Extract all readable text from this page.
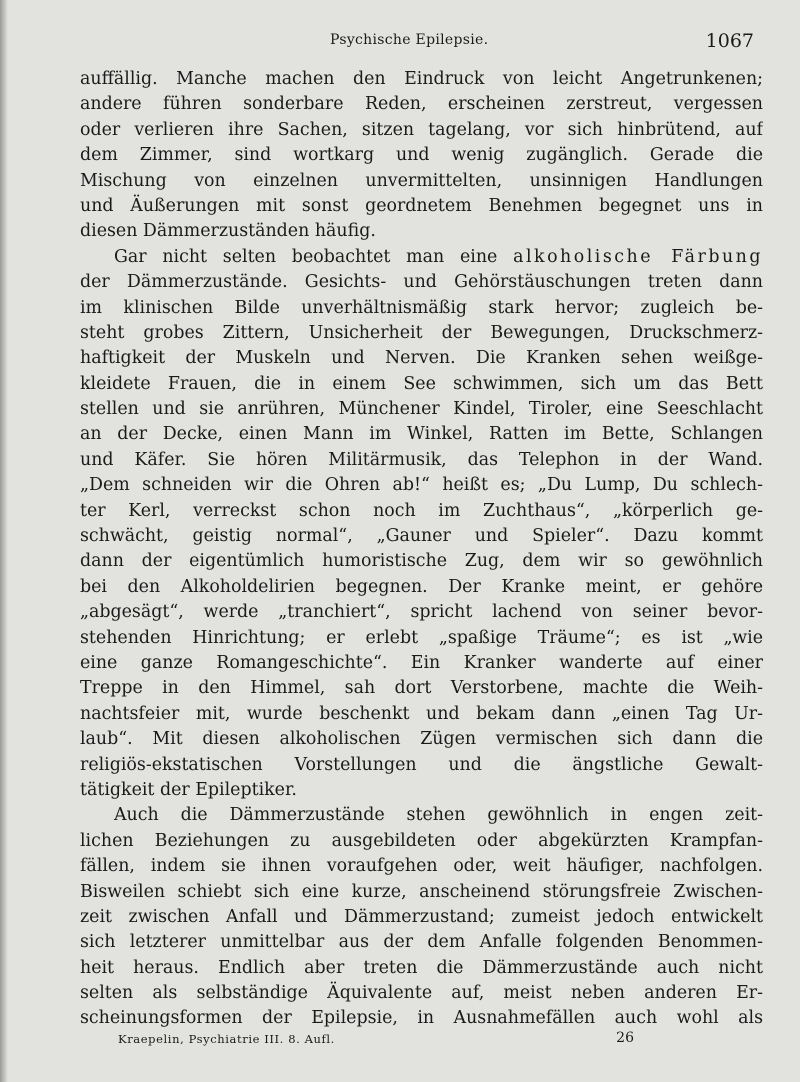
Psychische Epilepsie.	1067
auffällig. Manche machen den Eindruck von leicht Angetrunkenen;
andere führen sonderbare Reden, erscheinen zerstreut, vergessen
oder verlieren ihre Sachen, sitzen tagelang, vor sich hinbrütend, auf
dem Zimmer, sind wortkarg und wenig zugänglich. Gerade die
Mischung von einzelnen unvermittelten, unsinnigen Handlungen
und Äußerungen mit sonst geordnetem Benehmen begegnet uns in
diesen Dämmerzuständen häufig.
Gar nicht selten beobachtet man eine alkoholische Färbung
der Dämmerzustände. Gesichts- und Gehörstäuschungen treten dann
im klinischen Bilde unverhältnismäßig stark hervor; zugleich be-
steht grobes Zittern, Unsicherheit der Bewegungen, Druckschmerz-
haftigkeit der Muskeln und Nerven. Die Kranken sehen weißge-
kleidete Frauen, die in einem See schwimmen, sich um das Bett
stellen und sie anrühren, Münchener Kindel, Tiroler, eine Seeschlacht
an der Decke, einen Mann im Winkel, Ratten im Bette, Schlangen
und Käfer. Sie hören Militärmusik, das Telephon in der Wand.
„Dem schneiden wir die Ohren ab!“ heißt es; „Du Lump, Du schlech-
ter Kerl, verreckst schon noch im Zuchthaus“, „körperlich ge-
schwächt, geistig normal“, „Gauner und Spieler“. Dazu kommt
dann der eigentümlich humoristische Zug, dem wir so gewöhnlich
bei den Alkoholdelirien begegnen. Der Kranke meint, er gehöre
„abgesägt“, werde „tranchiert“, spricht lachend von seiner bevor-
stehenden Hinrichtung; er erlebt „spaßige Träume“; es ist „wie
eine ganze Romangeschichte“. Ein Kranker wanderte auf einer
Treppe in den Himmel, sah dort Verstorbene, machte die Weih-
nachtsfeier mit, wurde beschenkt und bekam dann „einen Tag Ur-
laub“. Mit diesen alkoholischen Zügen vermischen sich dann die
religiös-ekstatischen Vorstellungen und die ängstliche Gewalt-
tätigkeit der Epileptiker.
Auch die Dämmerzustände stehen gewöhnlich in engen zeit-
lichen Beziehungen zu ausgebildeten oder abgekürzten Krampfan-
fällen, indem sie ihnen voraufgehen oder, weit häufiger, nachfolgen.
Bisweilen schiebt sich eine kurze, anscheinend störungsfreie Zwischen-
zeit zwischen Anfall und Dämmerzustand; zumeist jedoch entwickelt
sich letzterer unmittelbar aus der dem Anfalle folgenden Benommen-
heit heraus. Endlich aber treten die Dämmerzustände auch nicht
selten als selbständige Äquivalente auf, meist neben anderen Er-
scheinungsformen der Epilepsie, in Ausnahmefällen auch wohl als
Kraepelin, Psychiatrie III. 8. Aufl.	26
